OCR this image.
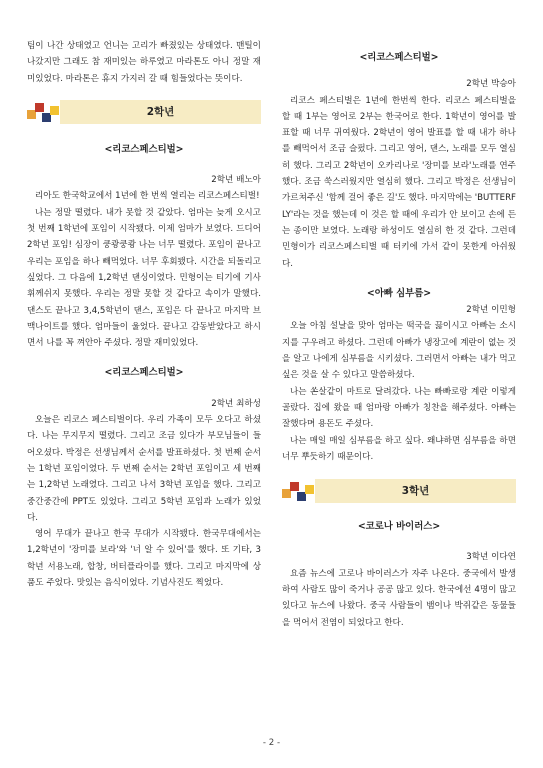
팀이 나간 상태였고 언니는 고리가 빠졌있는 상태였다. 맨틸이 나갔지만 그래도 참 재미있는 하루였고 마라톤도 아니 정말 재미있었다. 마라톤은 휴지 가지러 갈 때 힘들었다는 뜻이다.

2학년

<리코스페스티벌>

2학년 배노아

리아도 한국학교에서 1년에 한 번씩 열리는 리코스페스티벌!

나는 정말 떨렸다. 내가 못할 것 같았다. 엄마는 늦게 오시고 첫 번째 1학년에 포임이 시작됐다. 이제 엄마가 보였다. 드디어 2학년 포임! 심장이 쿵쾅쿵쾅 나는 너무 떨렸다. 포임이 끝나고 우리는 포임을 하나 빼먹었다. 너무 후회됐다. 시간을 되돌리고 싶었다. 그 다음에 1,2학년 댄싱이였다. 민형이는 티기에 기사 휘께쉬지 못했다. 우리는 정말 못할 것 같다고 속이가 말했다. 댄스도 끝나고 3,4,5학년이 댄스, 포임은 다 끝나고 마지막 브맥나이트를 했다. 엄마들이 울었다. 끝나고 감동받았다고 하시면서 나를 꼭 껴안아 주셨다. 정말 재미있었다.

<리코스페스티벌>

2학년 최하성

오늘은 리코스 페스티벌이다. 우리 가족이 모두 오다고 하셨다. 나는 무지무지 떨렸다. 그리고 조금 있다가 부모님들이 들어오셨다. 박정은 선생님께서 순서를 발표하셨다. 첫 번째 순서는 1학년 포임이였다. 두 번째 순서는 2학년 포임이고 세 번째는 1,2학년 노래였다. 그리고 나서 3학년 포임을 했다. 그리고 중간중간에 PPT도 있었다. 그리고 5학년 포임과 노래가 있었다.

영어 무대가 끝나고 한국 무대가 시작됐다. 한국무대에서는 1,2학년이 '장미를 보라'와 '너 알 수 있어'를 했다. 또 기타, 3학년 서용노래, 합창, 버터플라이를 했다. 그리고 마지막에 상품도 주었다. 맛있는 음식이었다. 기념사진도 찍었다.

<리코스페스티벌>

2학년 박승아

리코스 페스티벌은 1년에 한번씩 한다. 리코스 페스티벌을 할 때 1부는 영어로 2부는 한국어로 한다. 1학년이 영어를 발표할 때 너무 귀여웠다. 2학년이 영어 발표를 할 때 내가 하나를 빼먹어서 조금 슬펐다. 그리고 영어, 댄스, 노래를 모두 열심히 했다. 그리고 2학년이 오카리나로 '장미를 보라'노래를 연주했다. 조금 쑥스러웠지만 열심히 했다. 그리고 박정은 선생님이 가르쳐주신 '함께 걸어 좋은 길'도 했다. 마지막에는 'BUTTERFLY'라는 것을 했는데 이 것은 할 때에 우리가 안 보이고 손에 든는 종이만 보였다. 노래랑 하성이도 열심히 한 것 같다. 그런데 민형이가 리코스페스티벌 때 터키에 가서 같이 못한게 아쉬웠다.

<아빠 심부름>

2학년 이민형

오늘 아침 설날을 맞아 엄마는 떡국을 끓이시고 아빠는 소시지를 구우려고 하셨다. 그런데 아빠가 냉장고에 계란이 없는 것을 알고 나에게 심부름을 시키셨다. 그러면서 아빠는 내가 먹고 싶은 것을 살 수 있다고 말씀하셨다.

나는 쏜살같이 마트로 달려갔다. 나는 빠빠로랑 계란 이렇게 골랐다. 집에 왔을 때 엄마랑 아빠가 칭찬을 해주셨다. 아빠는 잘했다며 용돈도 주셨다.

나는 매일 매일 심부름을 하고 싶다. 왜냐하면 심부름을 하면 너무 뿌듯하기 때문이다.

3학년

<코로나 바이러스>

3학년 이다연

요즘 뉴스에 고로나 바이러스가 자주 나온다. 중국에서 발생하여 사람도 많이 죽거나 공공 많고 있다. 한국에선 4명이 많고 있다고 뉴스에 나왔다. 중국 사람들이 뱀이나 박쥐같은 동물들을 먹어서 전염이 되었다고 한다.

- 2 -
